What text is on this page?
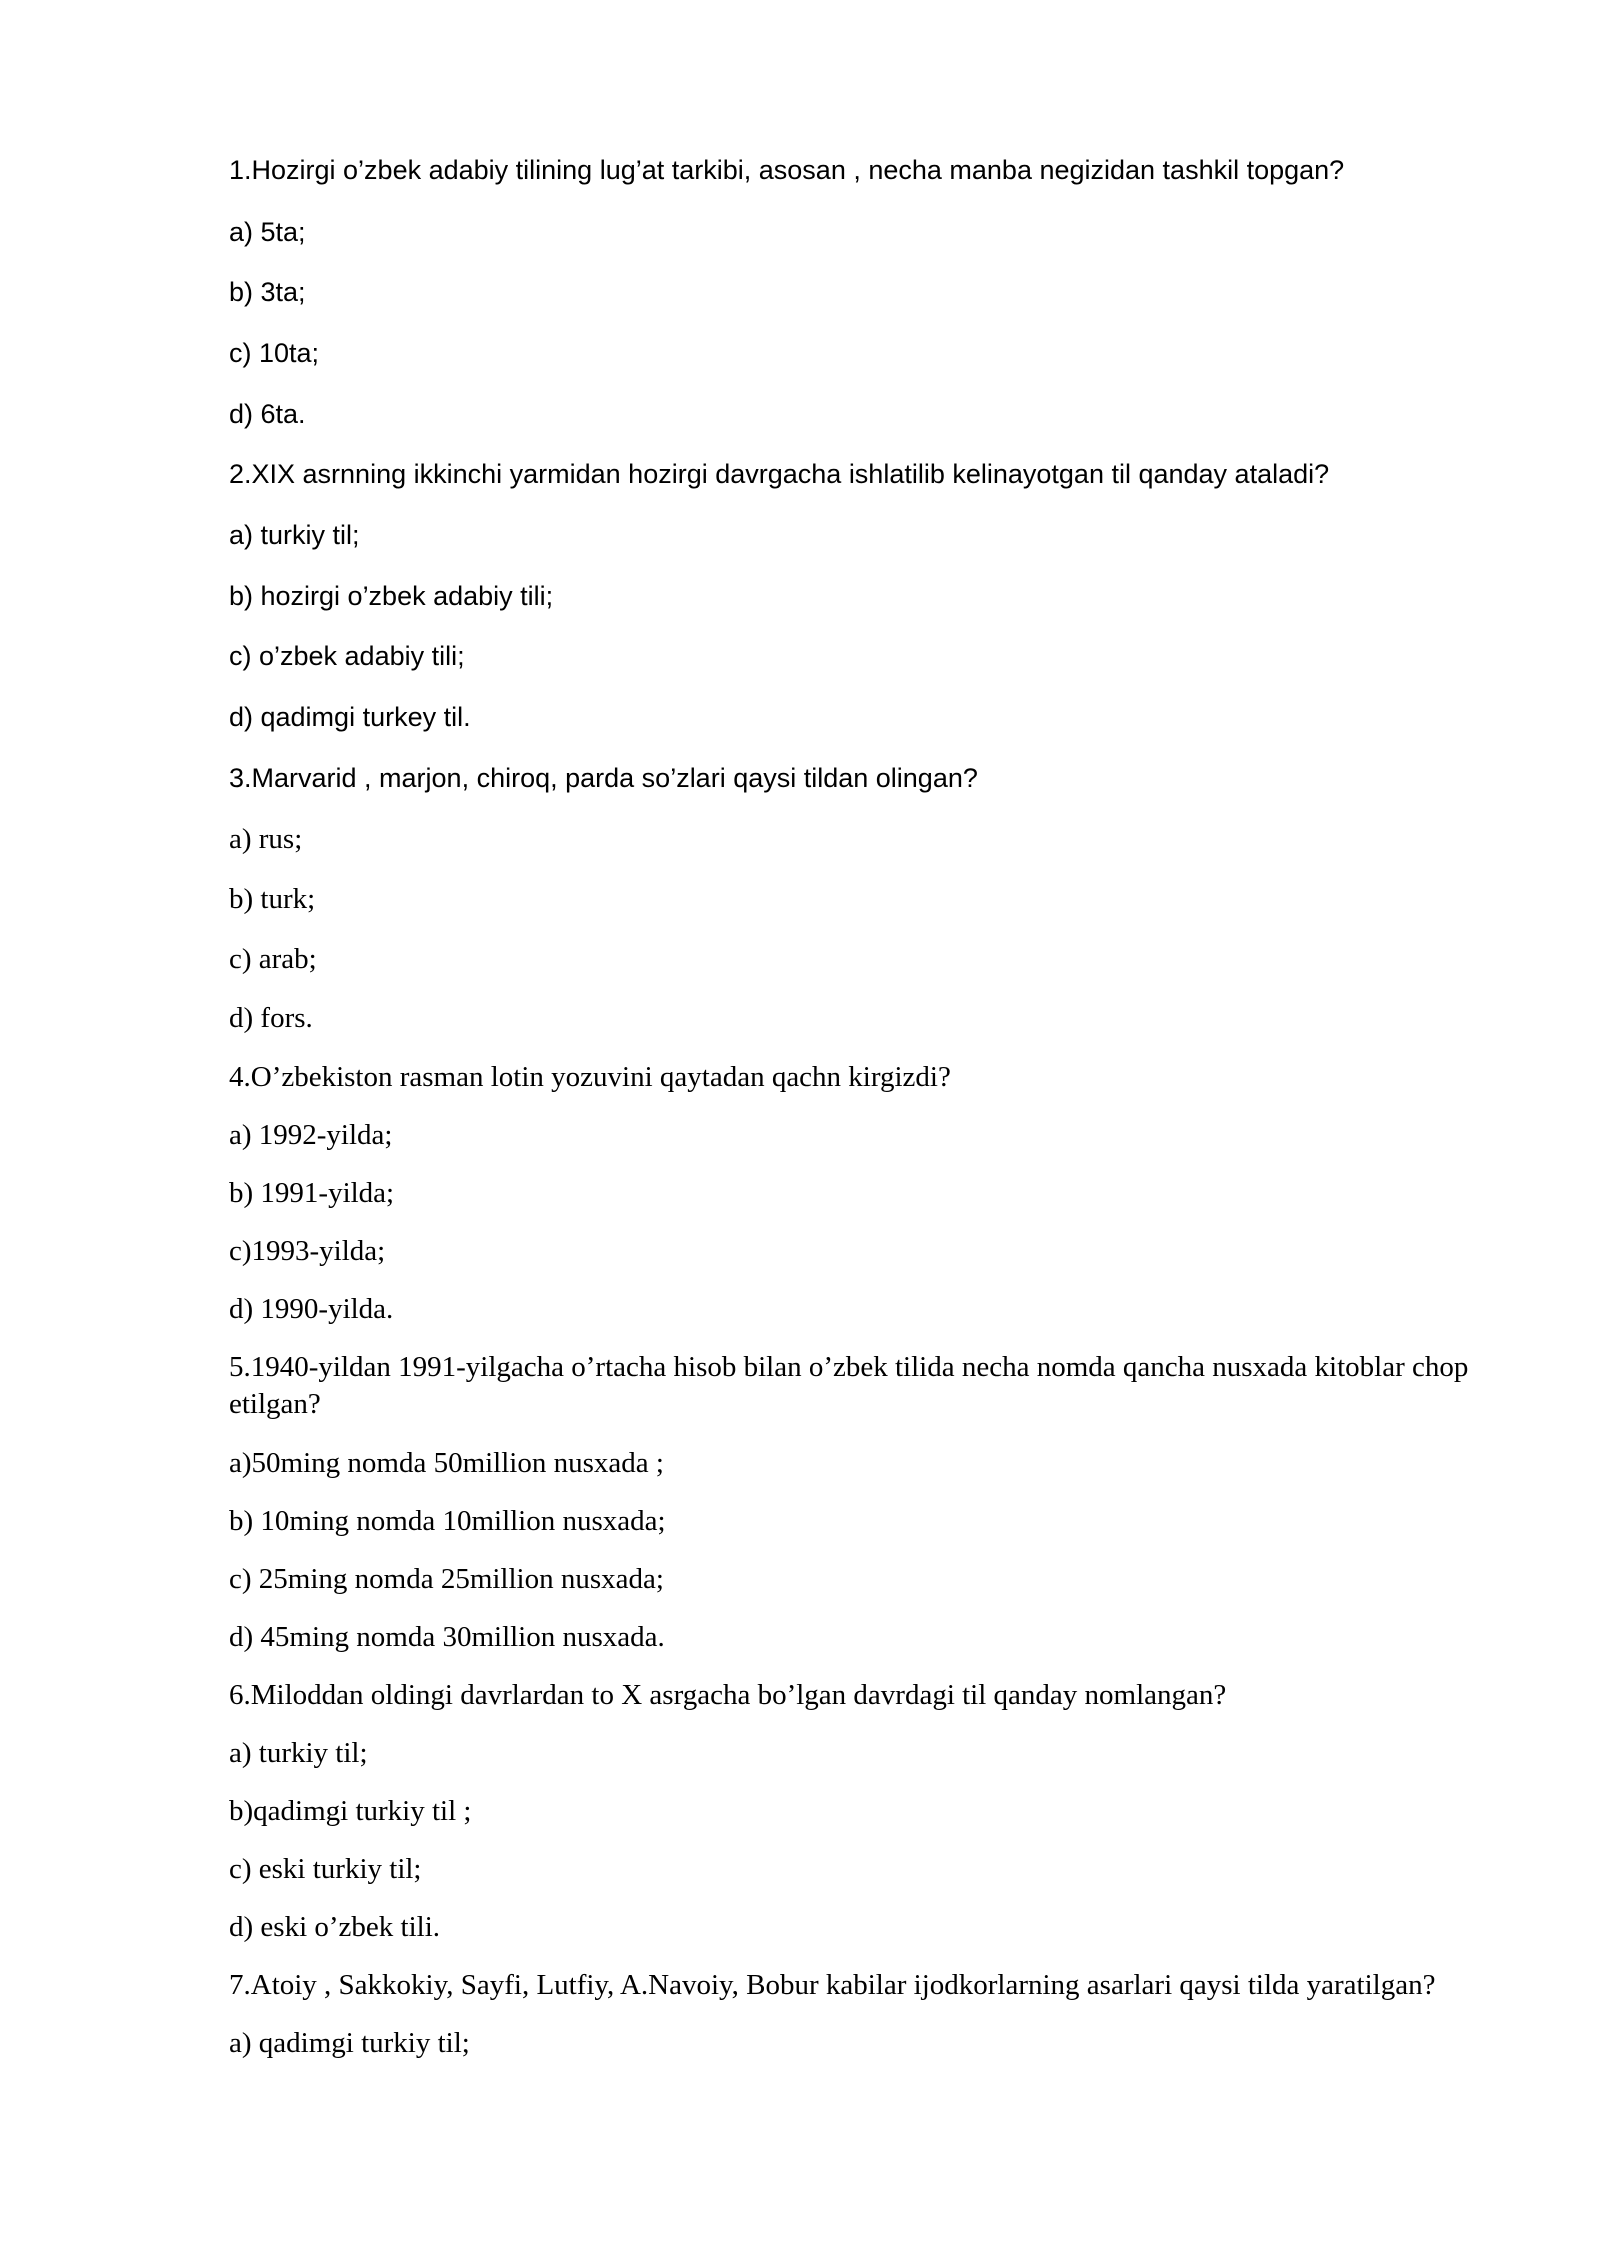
1.Hozirgi o’zbek adabiy tilining lug’at tarkibi, asosan , necha manba negizidan tashkil topgan?
a) 5ta;
b) 3ta;
c) 10ta;
d) 6ta.
2.XIX asrnning ikkinchi yarmidan hozirgi davrgacha ishlatilib kelinayotgan til qanday ataladi?
a) turkiy til;
b) hozirgi o’zbek adabiy tili;
c) o’zbek adabiy tili;
d) qadimgi turkey til.
3.Marvarid , marjon, chiroq, parda so’zlari qaysi tildan olingan?
a) rus;
b) turk;
c) arab;
d) fors.
4.O’zbekiston rasman lotin yozuvini qaytadan qachn kirgizdi?
a) 1992-yilda;
b) 1991-yilda;
c)1993-yilda;
d) 1990-yilda.
5.1940-yildan 1991-yilgacha o’rtacha hisob bilan o’zbek tilida necha nomda qancha nusxada kitoblar chop etilgan?
a)50ming nomda 50million nusxada ;
b) 10ming nomda 10million nusxada;
c) 25ming nomda 25million nusxada;
d) 45ming nomda 30million nusxada.
6.Miloddan oldingi davrlardan to X asrgacha bo’lgan davrdagi til qanday nomlangan?
a) turkiy til;
b)qadimgi turkiy til ;
c) eski turkiy til;
d) eski o’zbek tili.
7.Atoiy , Sakkokiy, Sayfi, Lutfiy, A.Navoiy, Bobur kabilar ijodkorlarning asarlari qaysi tilda yaratilgan?
a) qadimgi turkiy til;
